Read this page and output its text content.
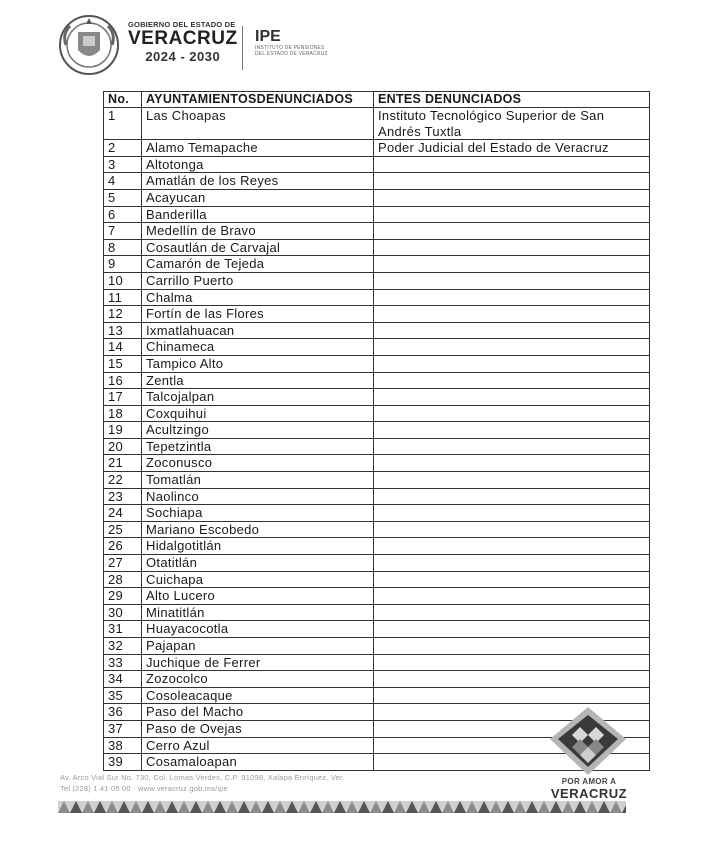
GOBIERNO DEL ESTADO DE
VERACRUZ
2024 - 2030
IPE
INSTITUTO DE PENSIONES
DEL ESTADO DE VERACRUZ
No.	AYUNTAMIENTOSDENUNCIADOS	ENTES DENUNCIADOS
1	Las Choapas	Instituto Tecnológico Superior de San Andrés Tuxtla
2	Alamo Temapache	Poder Judicial del Estado de Veracruz
3	Altotonga	
4	Amatlán de los Reyes	
5	Acayucan	
6	Banderilla	
7	Medellín de Bravo	
8	Cosautlán de Carvajal	
9	Camarón de Tejeda	
10	Carrillo Puerto	
11	Chalma	
12	Fortín de las Flores	
13	Ixmatlahuacan	
14	Chinameca	
15	Tampico Alto	
16	Zentla	
17	Talcojalpan	
18	Coxquihui	
19	Acultzingo	
20	Tepetzintla	
21	Zoconusco	
22	Tomatlán	
23	Naolinco	
24	Sochiapa	
25	Mariano Escobedo	
26	Hidalgotitlán	
27	Otatitlán	
28	Cuichapa	
29	Alto Lucero	
30	Minatitlán	
31	Huayacocotla	
32	Pajapan	
33	Juchique de Ferrer	
34	Zozocolco	
35	Cosoleacaque	
36	Paso del Macho	
37	Paso de Ovejas	
38	Cerro Azul	
39	Cosamaloapan	
Av. Arco Vial Sur No. 730, Col. Lomas Verdes, C.P. 91098, Xalapa Enríquez, Ver.
Tel (228) 1 41 05 00 · www.veracruz.gob.mx/ipe
POR AMOR A
VERACRUZ
